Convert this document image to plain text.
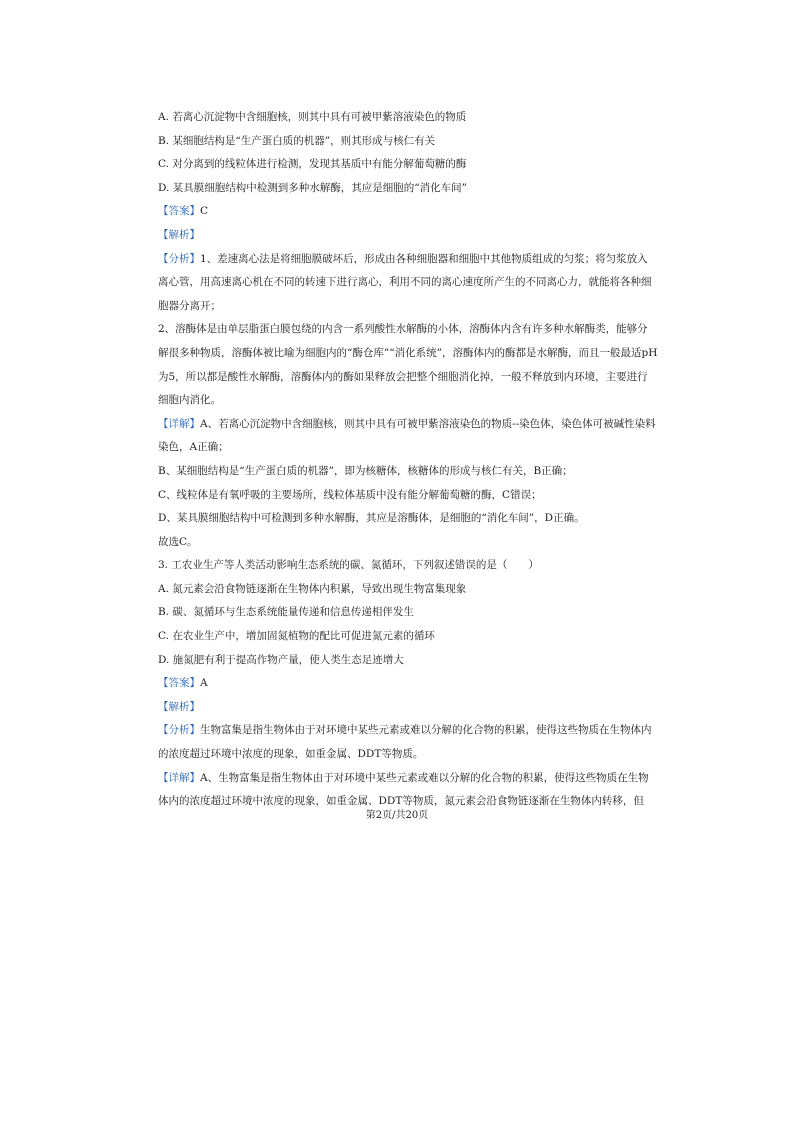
A. 若离心沉淀物中含细胞核，则其中具有可被甲紫溶液染色的物质
B. 某细胞结构是“生产蛋白质的机器”，则其形成与核仁有关
C. 对分离到的线粒体进行检测，发现其基质中有能分解葡萄糖的酶
D. 某具膜细胞结构中检测到多种水解酶，其应是细胞的“消化车间”
【答案】C
【解析】
【分析】1、差速离心法是将细胞膜破坏后，形成由各种细胞器和细胞中其他物质组成的匀浆；将匀浆放入离心管，用高速离心机在不同的转速下进行离心，利用不同的离心速度所产生的不同离心力，就能将各种细胞器分离开；
2、溶酶体是由单层脂蛋白膜包绕的内含一系列酸性水解酶的小体，溶酶体内含有许多种水解酶类，能够分解很多种物质，溶酶体被比喻为细胞内的“酶仓库”“消化系统”，溶酶体内的酶都是水解酶，而且一般最适pH为5，所以都是酸性水解酶，溶酶体内的酶如果释放会把整个细胞消化掉，一般不释放到内环境，主要进行细胞内消化。
【详解】A、若离心沉淀物中含细胞核，则其中具有可被甲紫溶液染色的物质--染色体，染色体可被碱性染料染色，A正确；
B、某细胞结构是“生产蛋白质的机器”，即为核糖体，核糖体的形成与核仁有关，B正确；
C、线粒体是有氧呼吸的主要场所，线粒体基质中没有能分解葡萄糖的酶，C错误；
D、某具膜细胞结构中可检测到多种水解酶，其应是溶酶体，是细胞的“消化车间”，D正确。
故选C。
3. 工农业生产等人类活动影响生态系统的碳、氮循环，下列叙述错误的是（　　）
A. 氮元素会沿食物链逐渐在生物体内积累，导致出现生物富集现象
B. 碳、氮循环与生态系统能量传递和信息传递相伴发生
C. 在农业生产中，增加固氮植物的配比可促进氮元素的循环
D. 施氮肥有利于提高作物产量，使人类生态足迹增大
【答案】A
【解析】
【分析】生物富集是指生物体由于对环境中某些元素或难以分解的化合物的积累，使得这些物质在生物体内的浓度超过环境中浓度的现象，如重金属、DDT等物质。
【详解】A、生物富集是指生物体由于对环境中某些元素或难以分解的化合物的积累，使得这些物质在生物体内的浓度超过环境中浓度的现象，如重金属、DDT等物质，氮元素会沿食物链逐渐在生物体内转移，但
第2页/共20页
